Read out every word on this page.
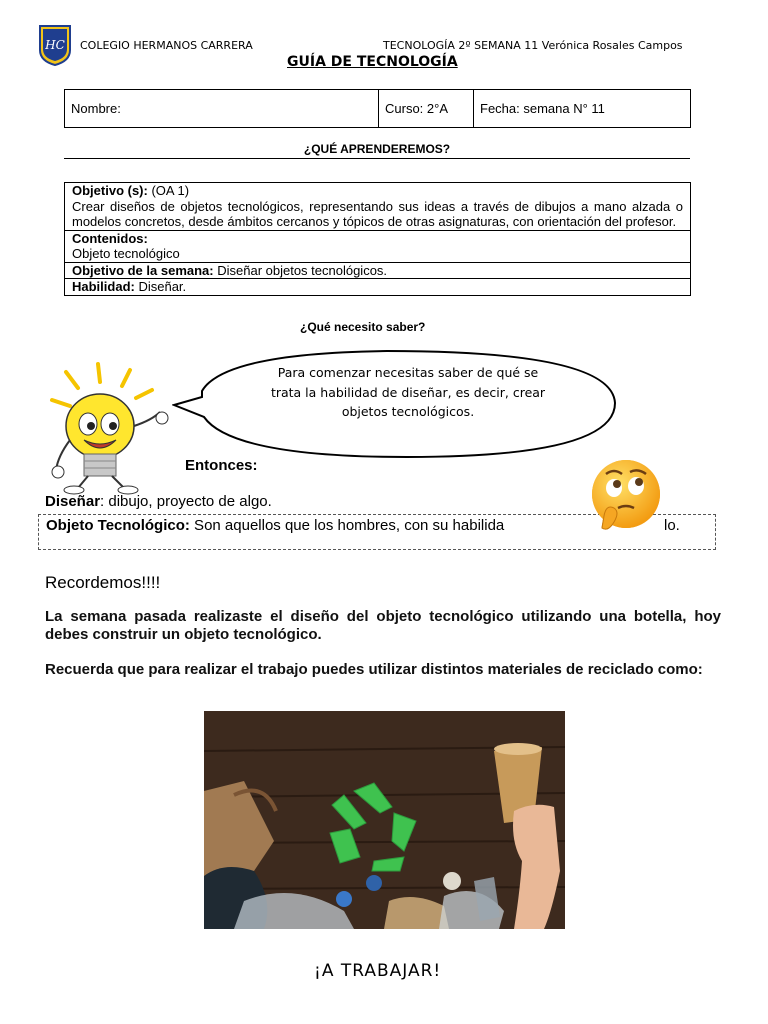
HC COLEGIO HERMANOS CARRERA	TECNOLOGÍA 2º SEMANA 11 Verónica Rosales Campos
GUÍA DE TECNOLOGÍA
Nombre:	Curso: 2°A	Fecha: semana N° 11
¿QUÉ APRENDEREMOS?
Objetivo (s): (OA 1)
Crear diseños de objetos tecnológicos, representando sus ideas a través de dibujos a mano alzada o modelos concretos, desde ámbitos cercanos y tópicos de otras asignaturas, con orientación del profesor.
Contenidos:
Objeto tecnológico
Objetivo de la semana: Diseñar objetos tecnológicos.
Habilidad: Diseñar.
¿Qué necesito saber?
Para comenzar necesitas saber de qué se trata la habilidad de diseñar, es decir, crear objetos tecnológicos.
Entonces:
Diseñar: dibujo, proyecto de algo.
Objeto Tecnológico: Son aquellos que los hombres, con su habilida	lo.
Recordemos!!!!
La semana pasada realizaste el diseño del objeto tecnológico utilizando una botella, hoy debes construir un objeto tecnológico.
Recuerda que para realizar el trabajo puedes utilizar distintos materiales de reciclado como:
¡A TRABAJAR!
